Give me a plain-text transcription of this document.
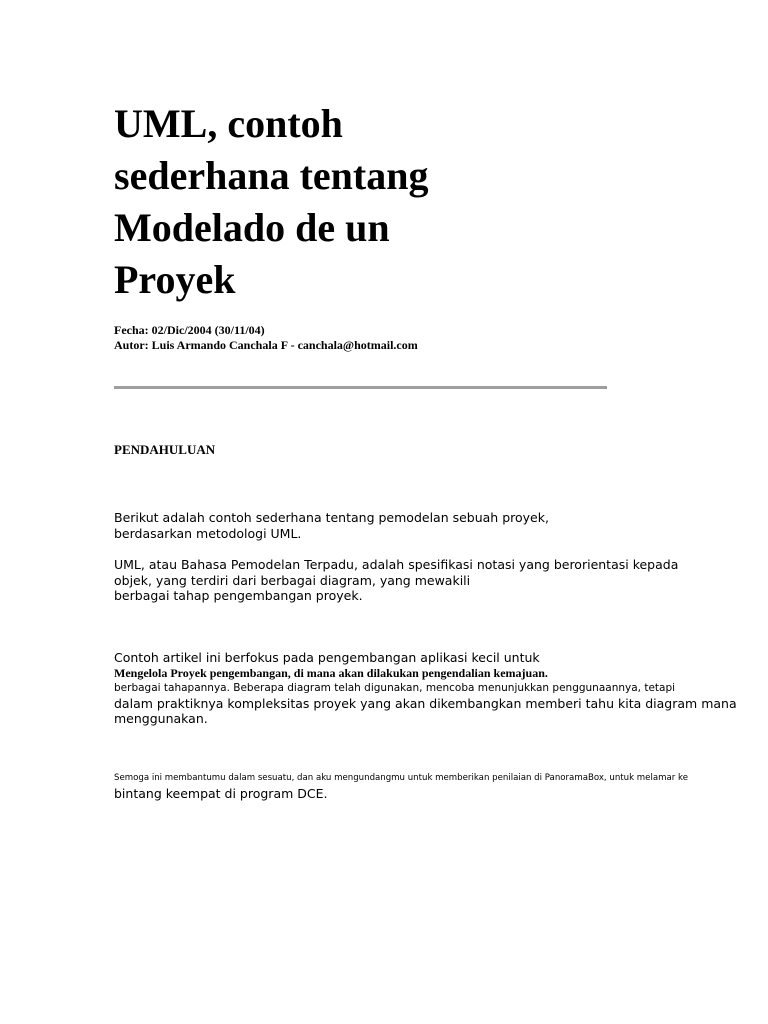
UML, contoh
sederhana tentang
Modelado de un
Proyek
Fecha: 02/Dic/2004 (30/11/04)
Autor: Luis Armando Canchala F - canchala@hotmail.com
PENDAHULUAN
Berikut adalah contoh sederhana tentang pemodelan sebuah proyek,
berdasarkan metodologi UML.
UML, atau Bahasa Pemodelan Terpadu, adalah spesifikasi notasi yang berorientasi kepada
objek, yang terdiri dari berbagai diagram, yang mewakili
berbagai tahap pengembangan proyek.
Contoh artikel ini berfokus pada pengembangan aplikasi kecil untuk
Mengelola Proyek pengembangan, di mana akan dilakukan pengendalian kemajuan.
berbagai tahapannya. Beberapa diagram telah digunakan, mencoba menunjukkan penggunaannya, tetapi
dalam praktiknya kompleksitas proyek yang akan dikembangkan memberi tahu kita diagram mana
menggunakan.
Semoga ini membantumu dalam sesuatu, dan aku mengundangmu untuk memberikan penilaian di PanoramaBox, untuk melamar ke
bintang keempat di program DCE.
